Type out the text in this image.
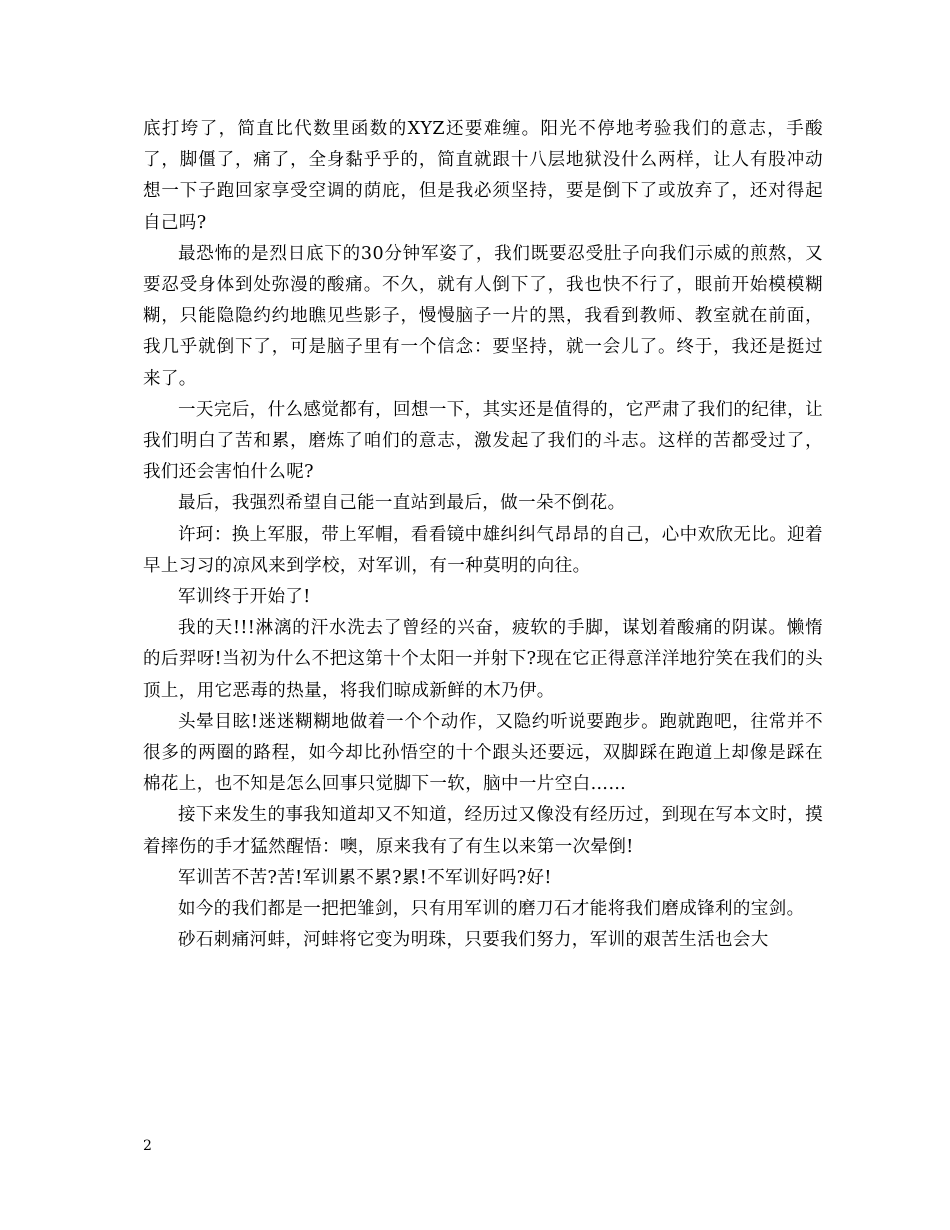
底打垮了，简直比代数里函数的XYZ还要难缠。阳光不停地考验我们的意志，手酸了，脚僵了，痛了，全身黏乎乎的，简直就跟十八层地狱没什么两样，让人有股冲动想一下子跑回家享受空调的荫庇，但是我必须坚持，要是倒下了或放弃了，还对得起自己吗?

最恐怖的是烈日底下的30分钟军姿了，我们既要忍受肚子向我们示威的煎熬，又要忍受身体到处弥漫的酸痛。不久，就有人倒下了，我也快不行了，眼前开始模模糊糊，只能隐隐约约地瞧见些影子，慢慢脑子一片的黑，我看到教师、教室就在前面，我几乎就倒下了，可是脑子里有一个信念：要坚持，就一会儿了。终于，我还是挺过来了。

一天完后，什么感觉都有，回想一下，其实还是值得的，它严肃了我们的纪律，让我们明白了苦和累，磨炼了咱们的意志，激发起了我们的斗志。这样的苦都受过了，我们还会害怕什么呢?

最后，我强烈希望自己能一直站到最后，做一朵不倒花。

许珂：换上军服，带上军帽，看看镜中雄纠纠气昂昂的自己，心中欢欣无比。迎着早上习习的凉风来到学校，对军训，有一种莫明的向往。

军训终于开始了!

我的天!!!淋漓的汗水洗去了曾经的兴奋，疲软的手脚，谋划着酸痛的阴谋。懒惰的后羿呀!当初为什么不把这第十个太阳一并射下?现在它正得意洋洋地狞笑在我们的头顶上，用它恶毒的热量，将我们晾成新鲜的木乃伊。

头晕目眩!迷迷糊糊地做着一个个动作，又隐约听说要跑步。跑就跑吧，往常并不很多的两圈的路程，如今却比孙悟空的十个跟头还要远，双脚踩在跑道上却像是踩在棉花上，也不知是怎么回事只觉脚下一软，脑中一片空白……

接下来发生的事我知道却又不知道，经历过又像没有经历过，到现在写本文时，摸着摔伤的手才猛然醒悟：噢，原来我有了有生以来第一次晕倒!

军训苦不苦?苦!军训累不累?累!不军训好吗?好!

如今的我们都是一把把雏剑，只有用军训的磨刀石才能将我们磨成锋利的宝剑。

砂石刺痛河蚌，河蚌将它变为明珠，只要我们努力，军训的艰苦生活也会大

2
